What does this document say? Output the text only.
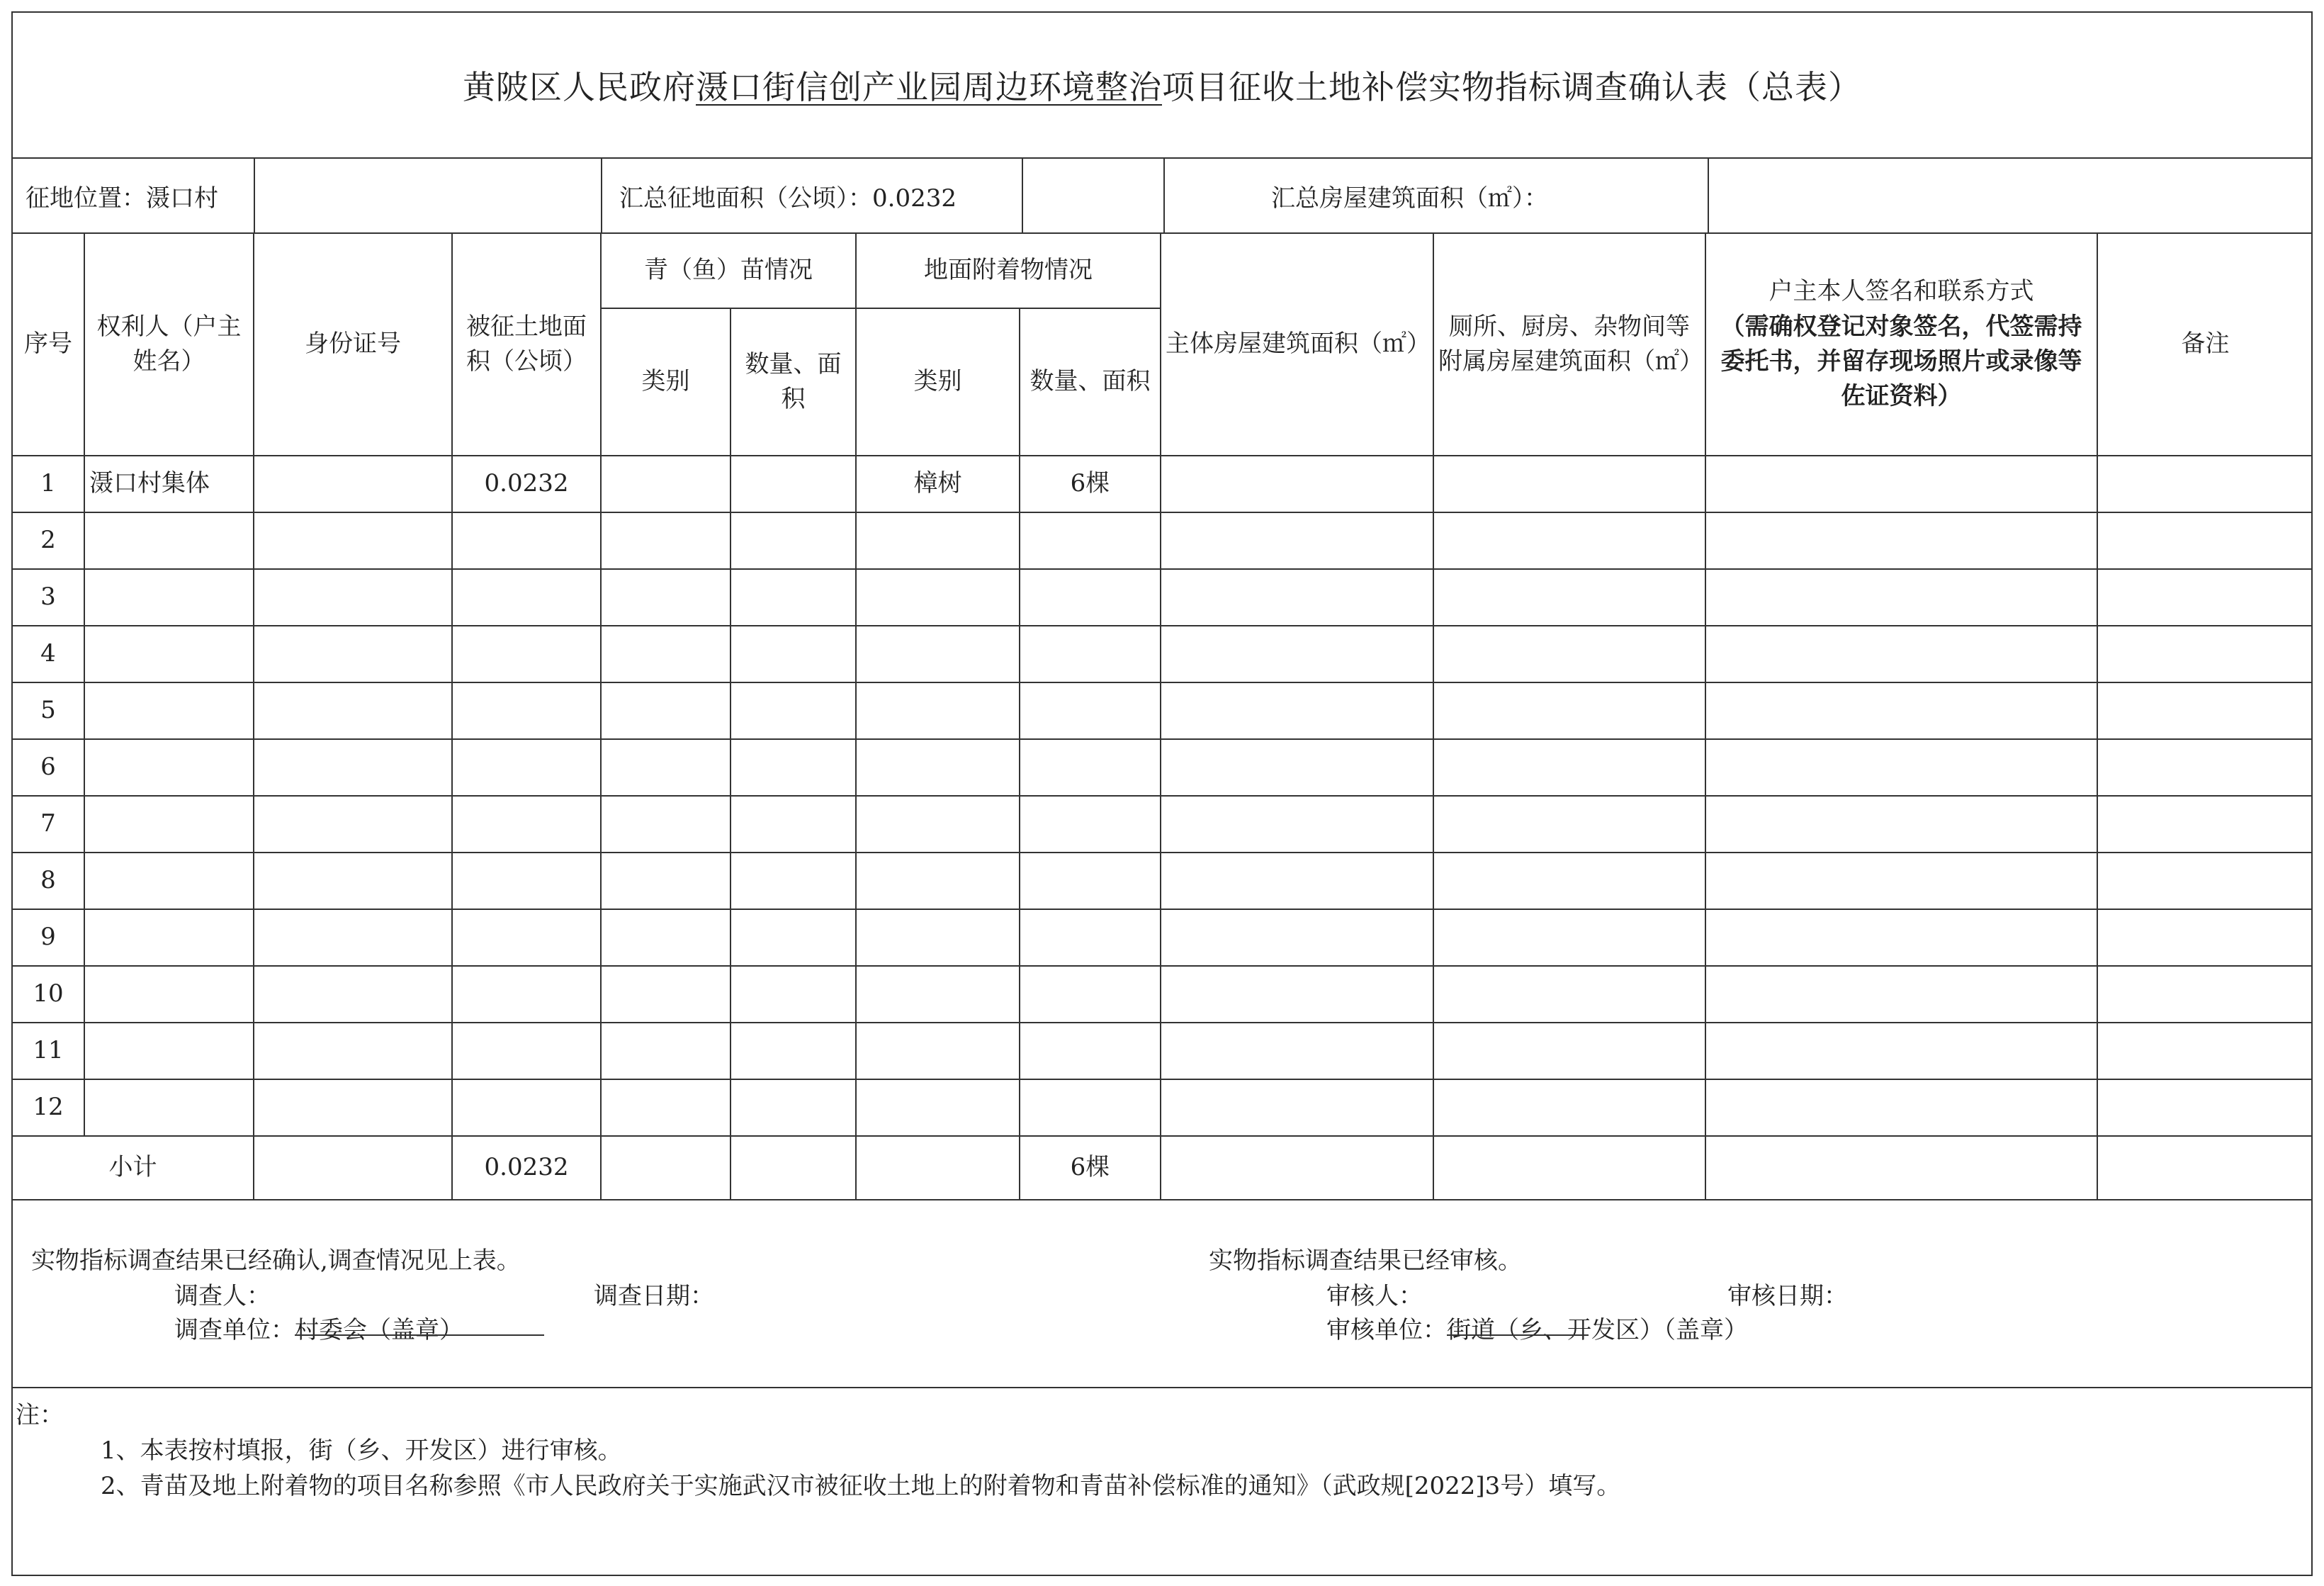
黄陂区人民政府 滠口街信创产业园周边环境整治 项目征收土地补偿实物指标调查确认表（总表）
征地位置：滠口村	汇总征地面积（公顷）：0.0232	汇总房屋建筑面积（㎡）：
序号	权利人（户主姓名）	身份证号	被征土地面积（公顷）	青（鱼）苗情况		地面附着物情况		主体房屋建筑面积（㎡）	厕所、厨房、杂物间等附属房屋建筑面积（㎡）	户主本人签名和联系方式
（需确权登记对象签名，代签需持委托书，并留存现场照片或录像等佐证资料）	备注
				类别	数量、面积	类别	数量、面积				
1	滠口村集体		0.0232			樟树	6棵				
2											
3											
4											
5											
6											
7											
8											
9											
10											
11											
12											
小计			0.0232				6棵				
实物指标调查结果已经确认,调查情况见上表。
调查人：	调查日期：
调查单位：
村委会（盖章）
实物指标调查结果已经审核。
审核人：	审核日期：
审核单位：
街道（乡、开发区）（盖章）
注：
1、本表按村填报，街（乡、开发区）进行审核。
2、青苗及地上附着物的项目名称参照《市人民政府关于实施武汉市被征收土地上的附着物和青苗补偿标准的通知》（武政规[2022]3号）填写。
